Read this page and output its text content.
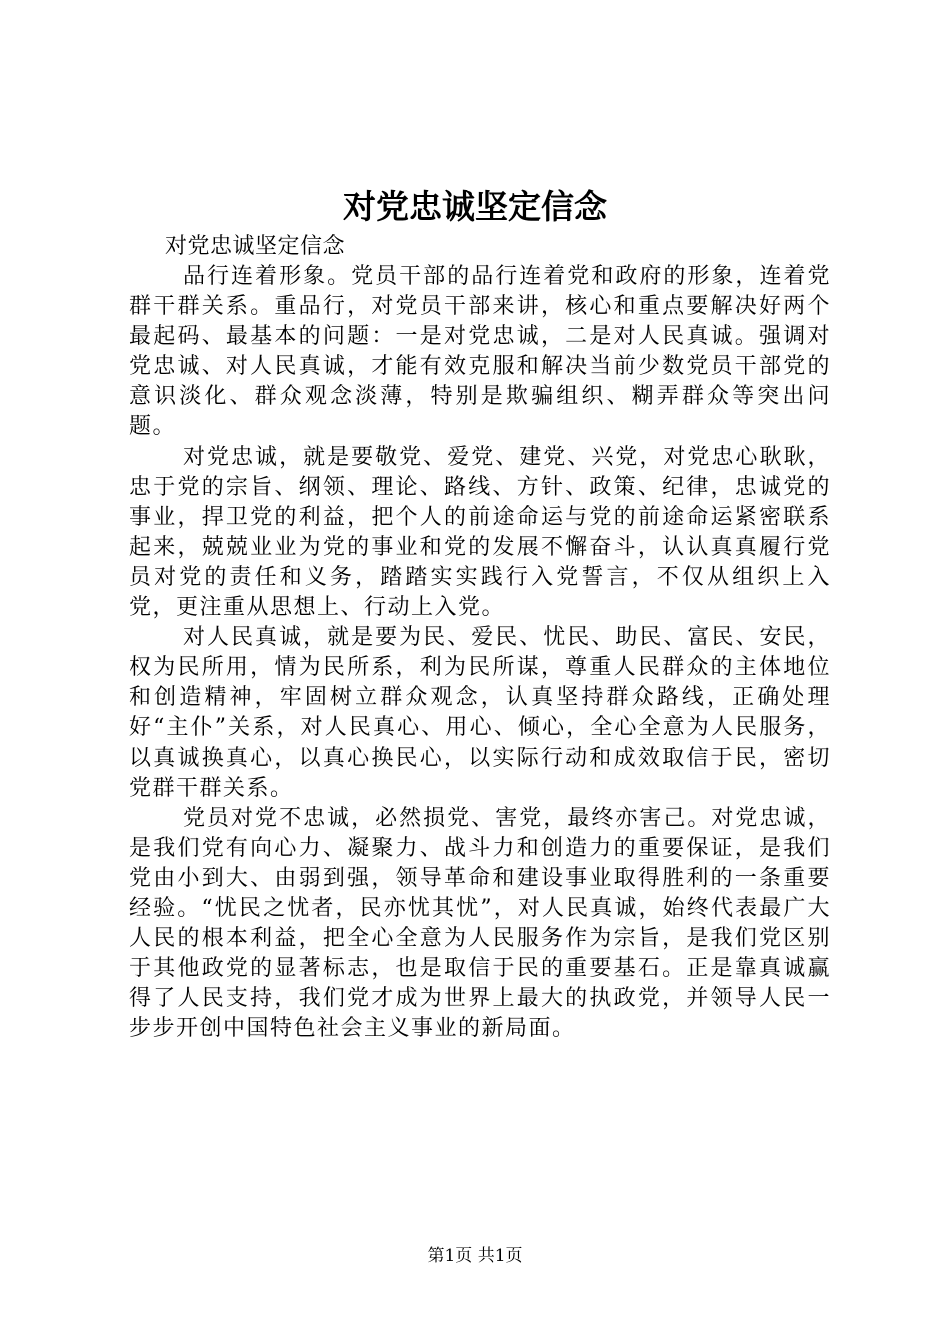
对党忠诚坚定信念

对党忠诚坚定信念

品行连着形象。党员干部的品行连着党和政府的形象，连着党群干群关系。重品行，对党员干部来讲，核心和重点要解决好两个最起码、最基本的问题：一是对党忠诚，二是对人民真诚。强调对党忠诚、对人民真诚，才能有效克服和解决当前少数党员干部党的意识淡化、群众观念淡薄，特别是欺骗组织、糊弄群众等突出问题。

对党忠诚，就是要敬党、爱党、建党、兴党，对党忠心耿耿，忠于党的宗旨、纲领、理论、路线、方针、政策、纪律，忠诚党的事业，捍卫党的利益，把个人的前途命运与党的前途命运紧密联系起来，兢兢业业为党的事业和党的发展不懈奋斗，认认真真履行党员对党的责任和义务，踏踏实实践行入党誓言，不仅从组织上入党，更注重从思想上、行动上入党。

对人民真诚，就是要为民、爱民、忧民、助民、富民、安民，权为民所用，情为民所系，利为民所谋，尊重人民群众的主体地位和创造精神，牢固树立群众观念，认真坚持群众路线，正确处理好“主仆”关系，对人民真心、用心、倾心，全心全意为人民服务，以真诚换真心，以真心换民心，以实际行动和成效取信于民，密切党群干群关系。

党员对党不忠诚，必然损党、害党，最终亦害己。对党忠诚，是我们党有向心力、凝聚力、战斗力和创造力的重要保证，是我们党由小到大、由弱到强，领导革命和建设事业取得胜利的一条重要经验。“忧民之忧者，民亦忧其忧”，对人民真诚，始终代表最广大人民的根本利益，把全心全意为人民服务作为宗旨，是我们党区别于其他政党的显著标志，也是取信于民的重要基石。正是靠真诚赢得了人民支持，我们党才成为世界上最大的执政党，并领导人民一步步开创中国特色社会主义事业的新局面。

第1页 共1页
